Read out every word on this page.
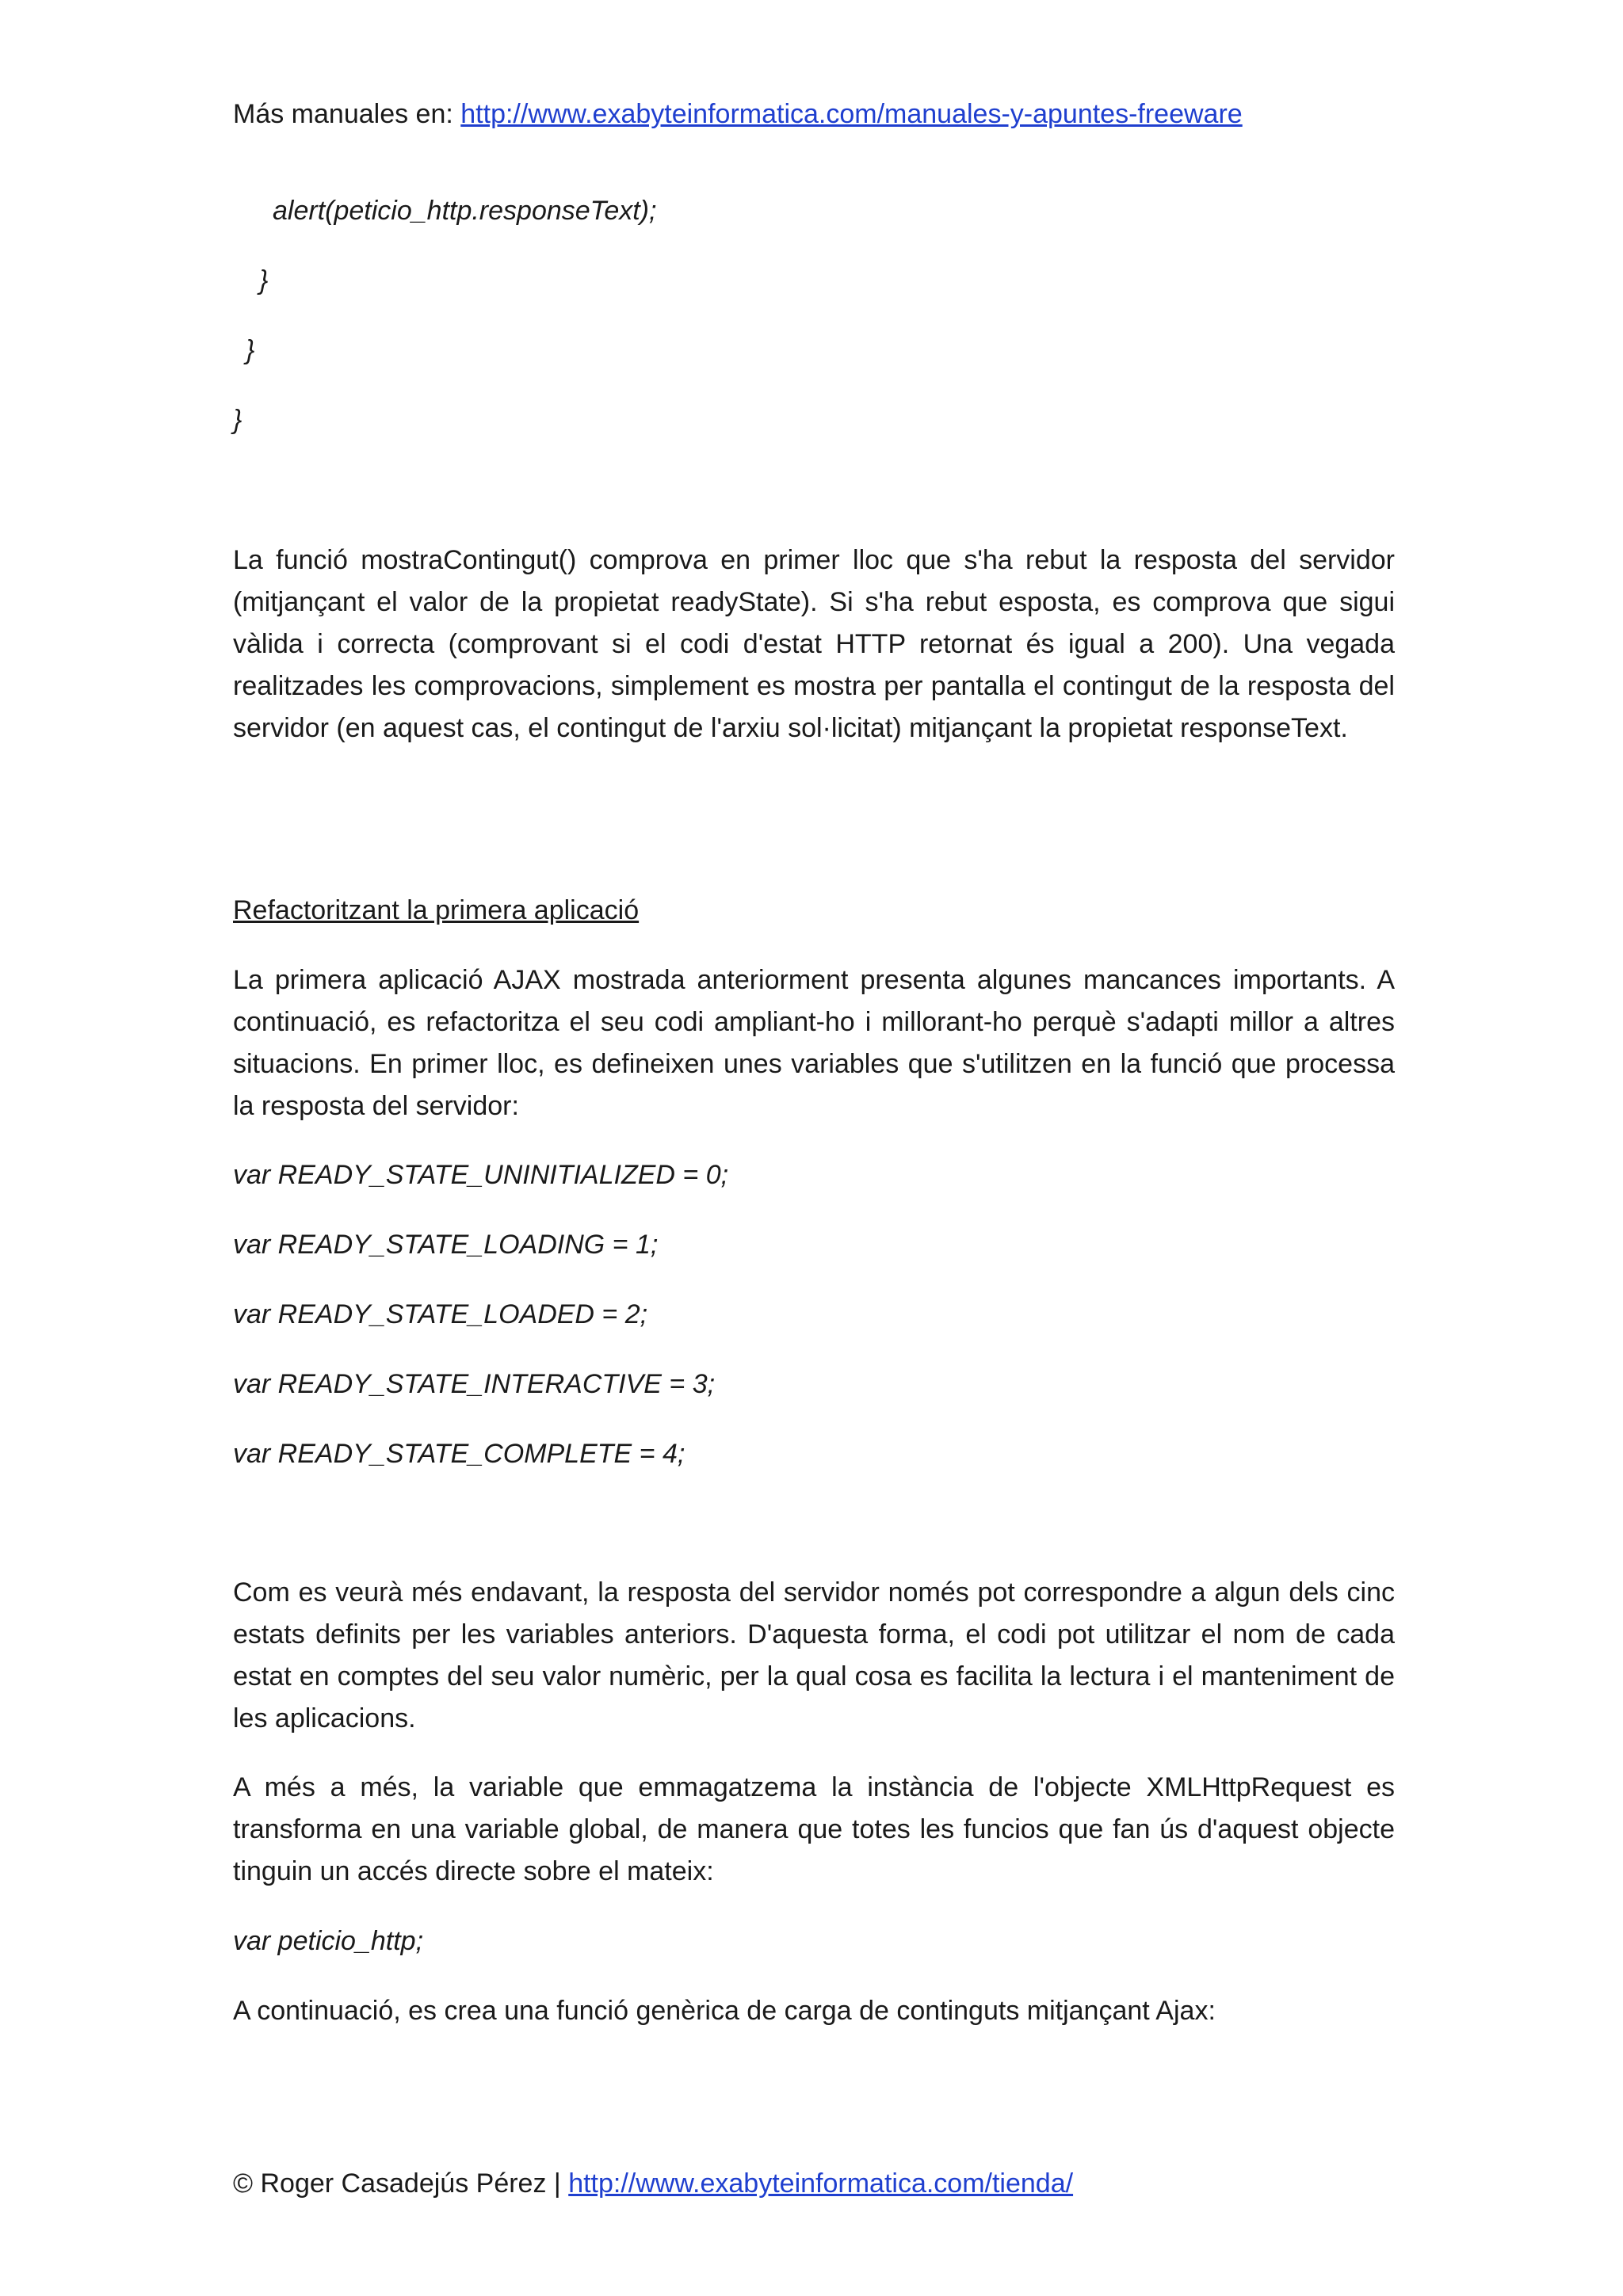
Más manuales en: http://www.exabyteinformatica.com/manuales-y-apuntes-freeware
alert(peticio_http.responseText);
}
}
}
La funció mostraContingut() comprova en primer lloc que s'ha rebut la resposta del servidor (mitjançant el valor de la propietat readyState). Si s'ha rebut esposta, es comprova que sigui vàlida i correcta (comprovant si el codi d'estat HTTP retornat és igual a 200). Una vegada realitzades les comprovacions, simplement es mostra per pantalla el contingut de la resposta del servidor (en aquest cas, el contingut de l'arxiu sol·licitat) mitjançant la propietat responseText.
Refactoritzant la primera aplicació
La primera aplicació AJAX mostrada anteriorment presenta algunes mancances importants. A continuació, es refactoritza el seu codi ampliant-ho i millorant-ho perquè s'adapti millor a altres situacions. En primer lloc, es defineixen unes variables que s'utilitzen en la funció que processa la resposta del servidor:
var READY_STATE_UNINITIALIZED = 0;
var READY_STATE_LOADING = 1;
var READY_STATE_LOADED = 2;
var READY_STATE_INTERACTIVE = 3;
var READY_STATE_COMPLETE = 4;
Com es veurà més endavant, la resposta del servidor només pot correspondre a algun dels cinc estats definits per les variables anteriors. D'aquesta forma, el codi pot utilitzar el nom de cada estat en comptes del seu valor numèric, per la qual cosa es facilita la lectura i el manteniment de les aplicacions.
A més a més, la variable que emmagatzema la instància de l'objecte XMLHttpRequest es transforma en una variable global, de manera que totes les funcios que fan ús d'aquest objecte tinguin un accés directe sobre el mateix:
var peticio_http;
A continuació, es crea una funció genèrica de carga de continguts mitjançant Ajax:
© Roger Casadejús Pérez | http://www.exabyteinformatica.com/tienda/
